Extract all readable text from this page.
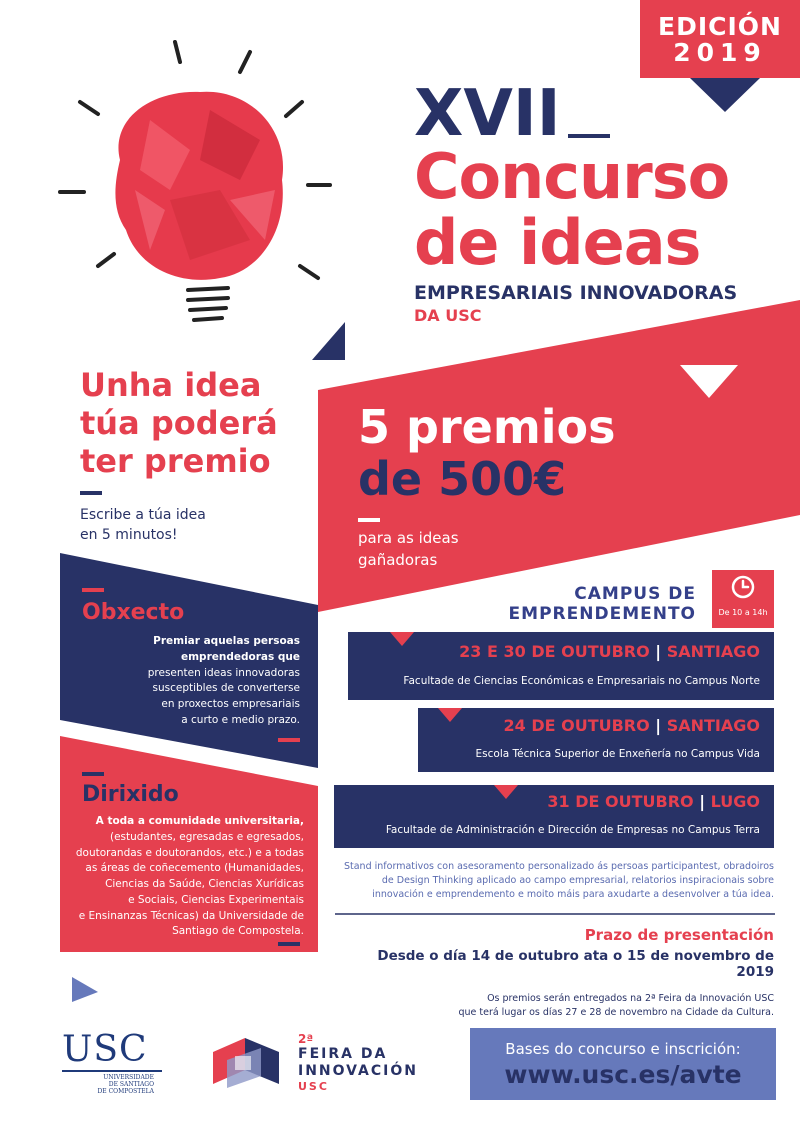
EDICIÓN
2019
XVII
Concurso
de ideas
EMPRESARIAIS INNOVADORAS
DA USC
Unha idea
túa poderá
ter premio
Escribe a túa idea
en 5 minutos!
5 premios
de 500€
para as ideas
gañadoras
Obxecto
Premiar aquelas persoas
emprendedoras que
presenten ideas innovadoras
susceptibles de converterse
en proxectos empresariais
a curto e medio prazo.
Dirixido
A toda a comunidade universitaria,
(estudantes, egresadas e egresados,
doutorandas e doutorandos, etc.) e a todas
as áreas de coñecemento (Humanidades,
Ciencias da Saúde, Ciencias Xurídicas
e Sociais, Ciencias Experimentais
e Ensinanzas Técnicas) da Universidade de
Santiago de Compostela.
CAMPUS DE
EMPRENDEMENTO	De 10 a 14h
23 E 30 DE OUTUBRO | SANTIAGO
Facultade de Ciencias Económicas e Empresariais no Campus Norte
24 DE OUTUBRO | SANTIAGO
Escola Técnica Superior de Enxeñería no Campus Vida
31 DE OUTUBRO | LUGO
Facultade de Administración e Dirección de Empresas no Campus Terra
Stand informativos con asesoramento personalizado ás persoas participantest, obradoiros
de Design Thinking aplicado ao campo empresarial, relatorios inspiracionais sobre
innovación e emprendemento e moito máis para axudarte a desenvolver a túa idea.
Prazo de presentación
Desde o día 14 de outubro ata o 15 de novembro de 2019
Os premios serán entregados na 2ª Feira da Innovación USC
que terá lugar os días 27 e 28 de novembro na Cidade da Cultura.
USC
UNIVERSIDADE
DE SANTIAGO
DE COMPOSTELA
2ª
FEIRA DA
INNOVACIÓN
USC
Bases do concurso e inscrición:
www.usc.es/avte
